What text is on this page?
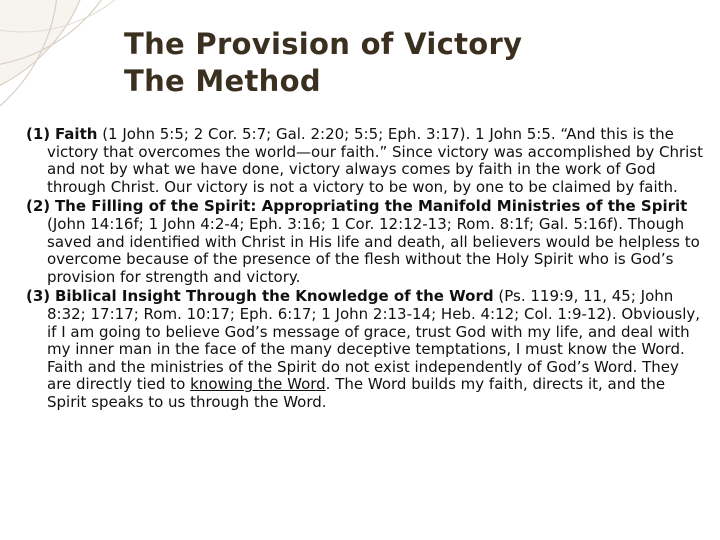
The Provision of Victory
The Method

(1) Faith (1 John 5:5; 2 Cor. 5:7; Gal. 2:20; 5:5; Eph. 3:17). 1 John 5:5. “And this is the victory that overcomes the world—our faith.” Since victory was accomplished by Christ and not by what we have done, victory always comes by faith in the work of God through Christ. Our victory is not a victory to be won, by one to be claimed by faith.

(2) The Filling of the Spirit: Appropriating the Manifold Ministries of the Spirit (John 14:16f; 1 John 4:2-4; Eph. 3:16; 1 Cor. 12:12-13; Rom. 8:1f; Gal. 5:16f). Though saved and identified with Christ in His life and death, all believers would be helpless to overcome because of the presence of the flesh without the Holy Spirit who is God’s provision for strength and victory.

(3) Biblical Insight Through the Knowledge of the Word (Ps. 119:9, 11, 45; John 8:32; 17:17; Rom. 10:17; Eph. 6:17; 1 John 2:13-14; Heb. 4:12; Col. 1:9-12). Obviously, if I am going to believe God’s message of grace, trust God with my life, and deal with my inner man in the face of the many deceptive temptations, I must know the Word. Faith and the ministries of the Spirit do not exist independently of God’s Word. They are directly tied to knowing the Word. The Word builds my faith, directs it, and the Spirit speaks to us through the Word.
